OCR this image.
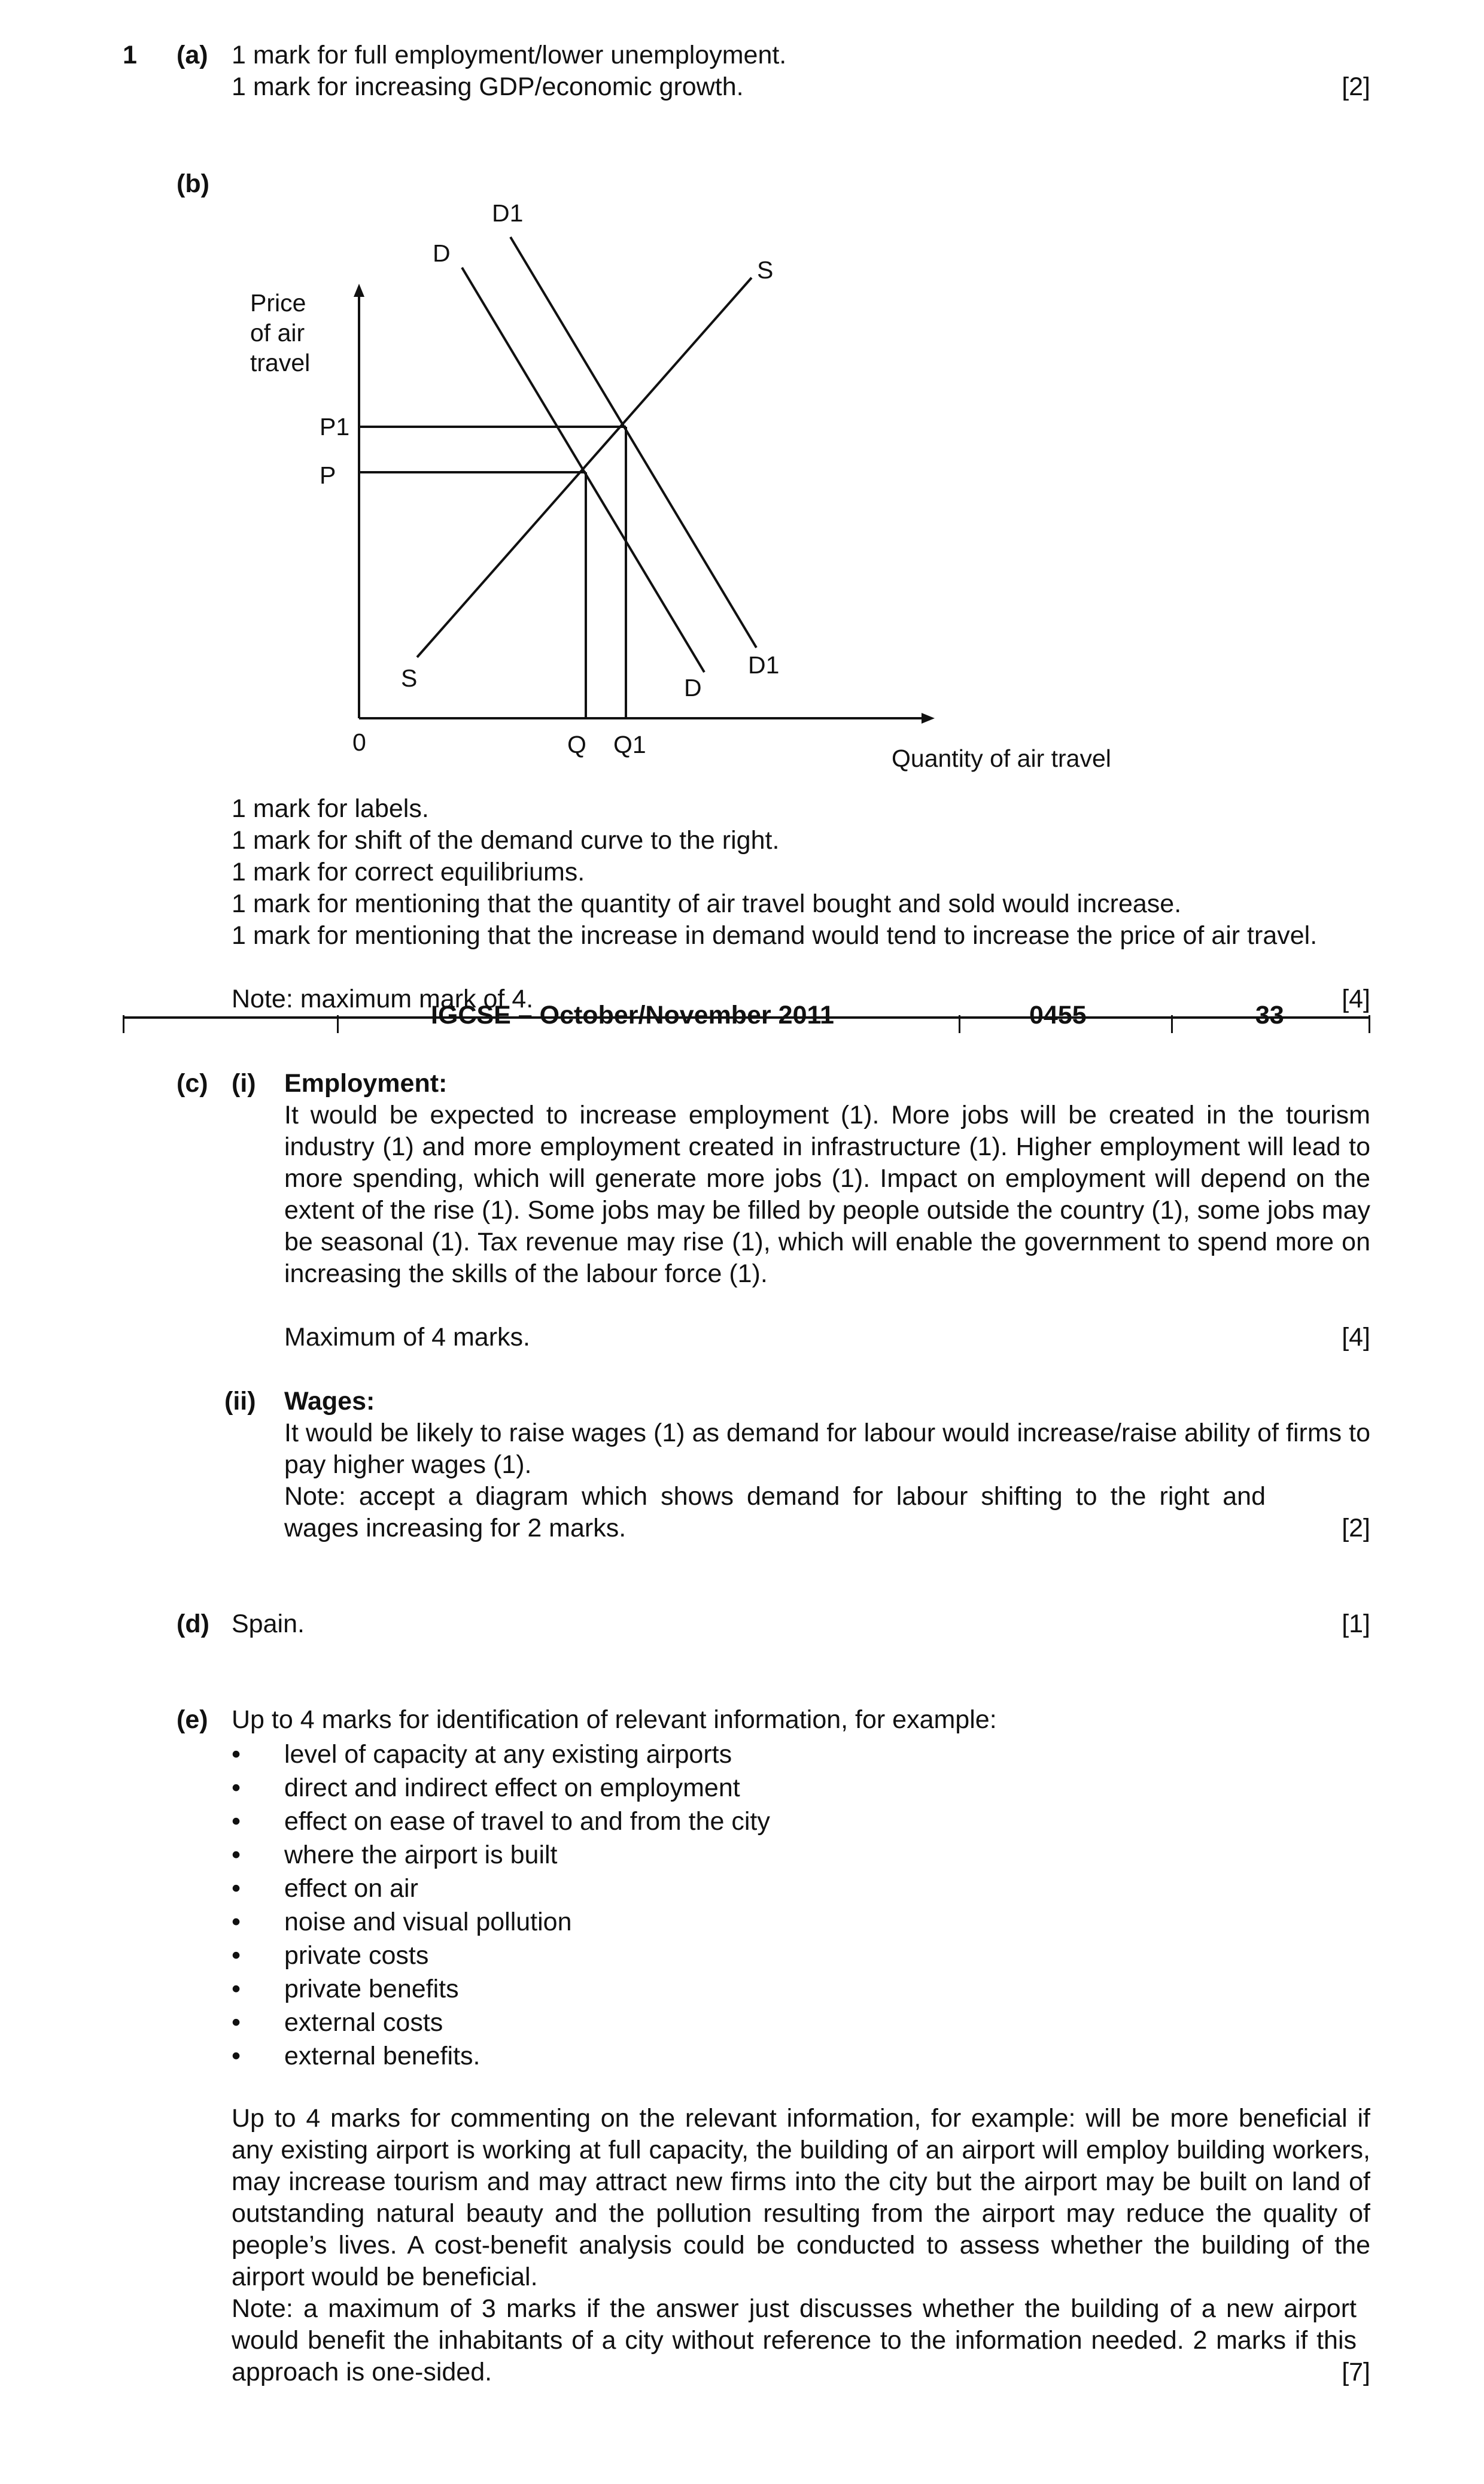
1 (a) 1 mark for full employment/lower unemployment.
1 mark for increasing GDP/economic growth.	[2]
(b)
Price
of air
travel
P1
P
0	Q Q1	Quantity of air travel
D
D1
S
S	D
D1
1 mark for labels.
1 mark for shift of the demand curve to the right.
1 mark for correct equilibriums.
1 mark for mentioning that the quantity of air travel bought and sold would increase.
1 mark for mentioning that the increase in demand would tend to increase the price of air travel.
Note: maximum mark of 4.	[4]
IGCSE – October/November 2011	0455	33
(c) (i) Employment:
It would be expected to increase employment (1). More jobs will be created in the tourism industry (1) and more employment created in infrastructure (1). Higher employment will lead to more spending, which will generate more jobs (1). Impact on employment will depend on the extent of the rise (1). Some jobs may be filled by people outside the country (1), some jobs may be seasonal (1). Tax revenue may rise (1), which will enable the government to spend more on increasing the skills of the labour force (1).
Maximum of 4 marks.	[4]
(ii) Wages:
It would be likely to raise wages (1) as demand for labour would increase/raise ability of firms to pay higher wages (1).
Note: accept a diagram which shows demand for labour shifting to the right and wages increasing for 2 marks.	[2]
(d) Spain.	[1]
(e) Up to 4 marks for identification of relevant information, for example:
•	level of capacity at any existing airports
•	direct and indirect effect on employment
•	effect on ease of travel to and from the city
•	where the airport is built
•	effect on air
•	noise and visual pollution
•	private costs
•	private benefits
•	external costs
•	external benefits.
Up to 4 marks for commenting on the relevant information, for example: will be more beneficial if any existing airport is working at full capacity, the building of an airport will employ building workers, may increase tourism and may attract new firms into the city but the airport may be built on land of outstanding natural beauty and the pollution resulting from the airport may reduce the quality of people’s lives. A cost-benefit analysis could be conducted to assess whether the building of the airport would be beneficial.
Note: a maximum of 3 marks if the answer just discusses whether the building of a new airport would benefit the inhabitants of a city without reference to the information needed. 2 marks if this approach is one-sided.	[7]
